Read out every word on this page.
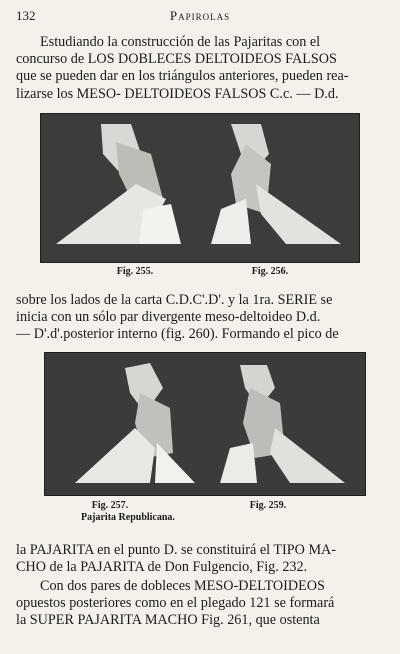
132	Papirolas
Estudiando la construcción de las Pajaritas con el
concurso de LOS DOBLECES DELTOIDEOS FALSOS
que se pueden dar en los triángulos anteriores, pueden rea-
lizarse los MESO- DELTOIDEOS FALSOS C.c. — D.d.
Fig. 255.	Fig. 256.
sobre los lados de la carta C.D.C'.D'. y la 1ra. SERIE se
inicia con un sólo par divergente meso-deltoideo D.d.
— D'.d'.posterior interno (fig. 260). Formando el pico de
Fig. 257.
Pajarita Republicana.
Fig. 259.
la PAJARITA en el punto D. se constituirá el TIPO MA-
CHO de la PAJARITA de Don Fulgencio, Fig. 232.
Con dos pares de dobleces MESO-DELTOIDEOS
opuestos posteriores como en el plegado 121 se formará
la SUPER PAJARITA MACHO Fig. 261, que ostenta
